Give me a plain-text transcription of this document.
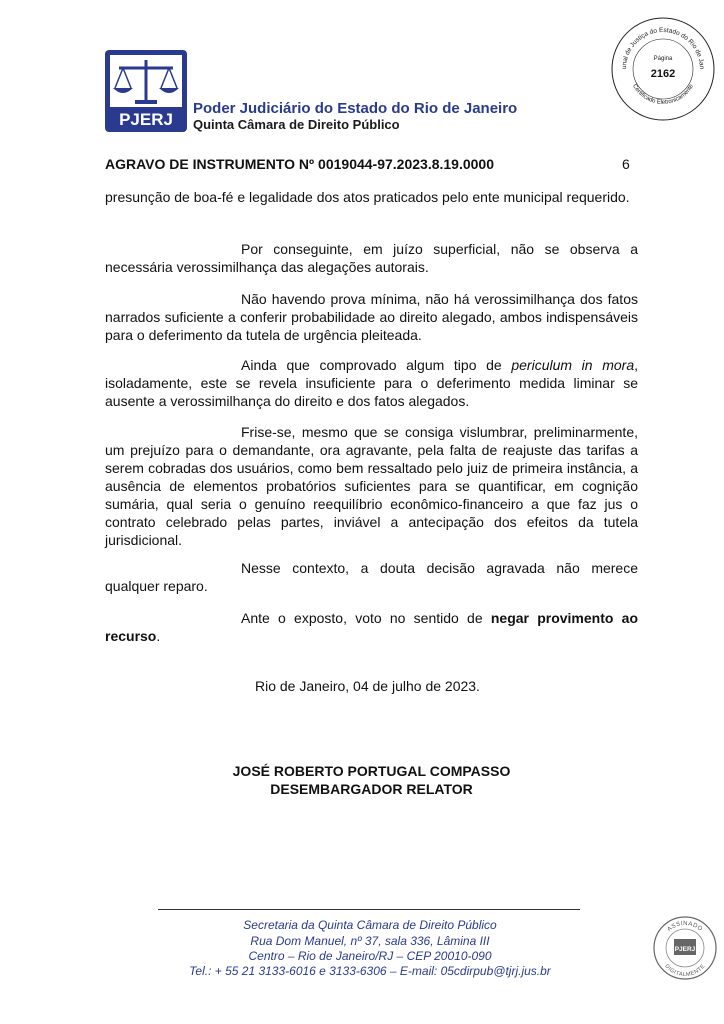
PJERJ
Poder Judiciário do Estado do Rio de Janeiro
Quinta Câmara de Direito Público
unal de Justiça do Estado do Rio de Jan
Página
2162
Certificado Eletronicamente
AGRAVO DE INSTRUMENTO Nº 0019044-97.2023.8.19.0000	6
presunção de boa-fé e legalidade dos atos praticados pelo ente municipal requerido.
Por conseguinte, em juízo superficial, não se observa a necessária verossimilhança das alegações autorais.
Não havendo prova mínima, não há verossimilhança dos fatos narrados suficiente a conferir probabilidade ao direito alegado, ambos indispensáveis para o deferimento da tutela de urgência pleiteada.
Ainda que comprovado algum tipo de periculum in mora, isoladamente, este se revela insuficiente para o deferimento medida liminar se ausente a verossimilhança do direito e dos fatos alegados.
Frise-se, mesmo que se consiga vislumbrar, preliminarmente, um prejuízo para o demandante, ora agravante, pela falta de reajuste das tarifas a serem cobradas dos usuários, como bem ressaltado pelo juiz de primeira instância, a ausência de elementos probatórios suficientes para se quantificar, em cognição sumária, qual seria o genuíno reequilíbrio econômico-financeiro a que faz jus o contrato celebrado pelas partes, inviável a antecipação dos efeitos da tutela jurisdicional.
Nesse contexto, a douta decisão agravada não merece qualquer reparo.
Ante o exposto, voto no sentido de negar provimento ao recurso.
Rio de Janeiro, 04 de julho de 2023.
JOSÉ ROBERTO PORTUGAL COMPASSO
DESEMBARGADOR RELATOR
Secretaria da Quinta Câmara de Direito Público
Rua Dom Manuel, nº 37, sala 336, Lâmina III
Centro – Rio de Janeiro/RJ – CEP 20010-090
Tel.: + 55 21 3133-6016 e 3133-6306 – E-mail: 05cdirpub@tjrj.jus.br
ASSINADO
PJERJ
DIGITALMENTE
